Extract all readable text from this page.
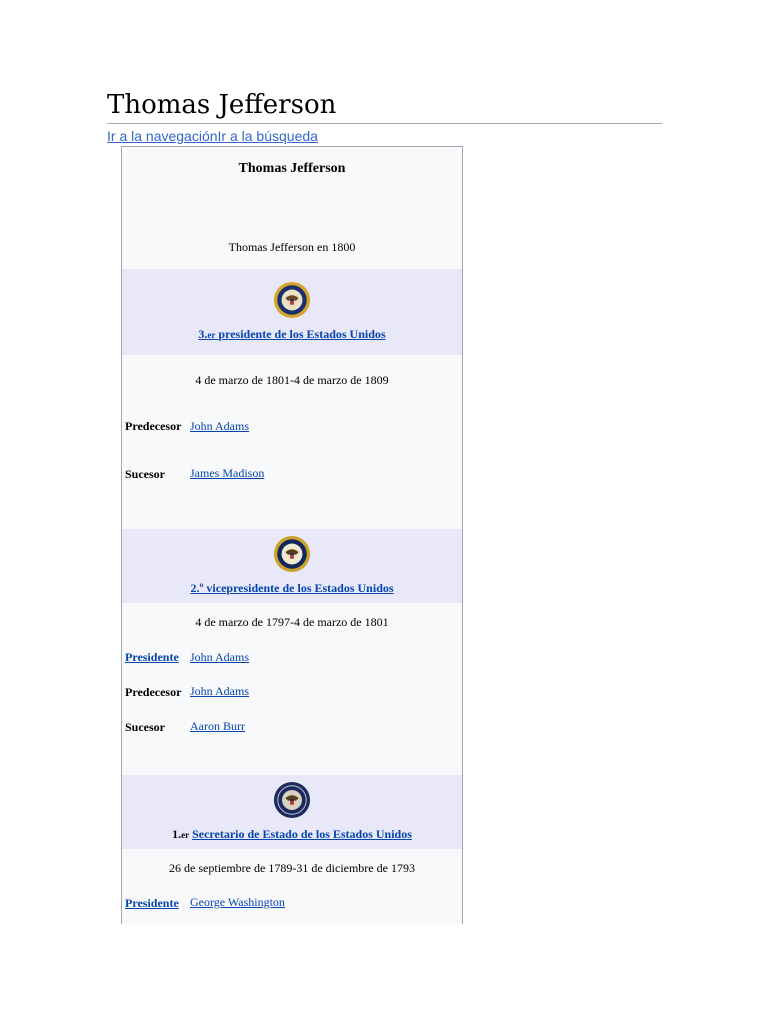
Thomas Jefferson
Ir a la navegaciónIr a la búsqueda
Thomas Jefferson
Thomas Jefferson en 1800
3.er presidente de los Estados Unidos
4 de marzo de 1801-4 de marzo de 1809
Predecesor John Adams
Sucesor James Madison
2.º vicepresidente de los Estados Unidos
4 de marzo de 1797-4 de marzo de 1801
Presidente John Adams
Predecesor John Adams
Sucesor Aaron Burr
1.er Secretario de Estado de los Estados Unidos
26 de septiembre de 1789-31 de diciembre de 1793
Presidente George Washington
